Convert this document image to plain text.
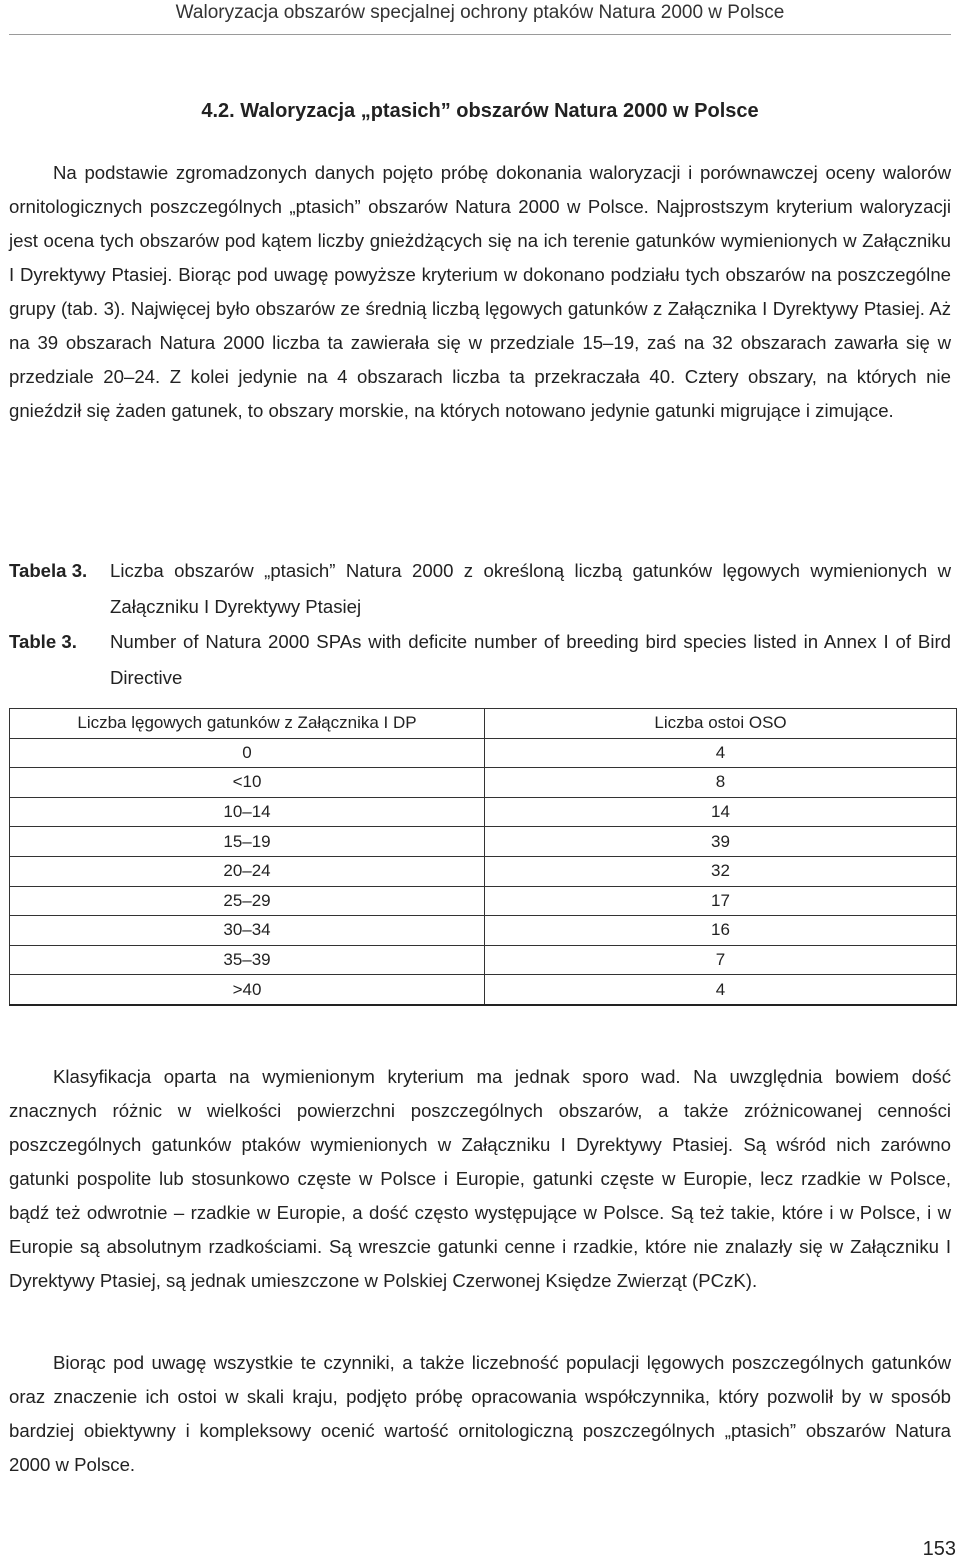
Waloryzacja obszarów specjalnej ochrony ptaków Natura 2000 w Polsce
4.2. Waloryzacja „ptasich” obszarów Natura 2000 w Polsce

Na podstawie zgromadzonych danych pojęto próbę dokonania waloryzacji i porównawczej oceny walorów ornitologicznych poszczególnych „ptasich” obszarów Natura 2000 w Polsce. Najprostszym kryterium waloryzacji jest ocena tych obszarów pod kątem liczby gnieżdżących się na ich terenie gatunków wymienionych w Załączniku I Dyrektywy Ptasiej. Biorąc pod uwagę powyższe kryterium w dokonano podziału tych obszarów na poszczególne grupy (tab. 3). Najwięcej było obszarów ze średnią liczbą lęgowych gatunków z Załącznika I Dyrektywy Ptasiej. Aż na 39 obszarach Natura 2000 liczba ta zawierała się w przedziale 15–19, zaś na 32 obszarach zawarła się w przedziale 20–24. Z kolei jedynie na 4 obszarach liczba ta przekraczała 40. Cztery obszary, na których nie gnieździł się żaden gatunek, to obszary morskie, na których notowano jedynie gatunki migrujące i zimujące.

Tabela 3.	Liczba obszarów „ptasich” Natura 2000 z określoną liczbą gatunków lęgowych wymienionych w Załączniku I Dyrektywy Ptasiej

Table 3.	Number of Natura 2000 SPAs with deficite number of breeding bird species listed in Annex I of Bird Directive

Liczba lęgowych gatunków z Załącznika I DP	Liczba ostoi OSO
0	4
<10	8
10–14	14
15–19	39
20–24	32
25–29	17
30–34	16
35–39	7
>40	4

Klasyfikacja oparta na wymienionym kryterium ma jednak sporo wad. Na uwzględnia bowiem dość znacznych różnic w wielkości powierzchni poszczególnych obszarów, a także zróżnicowanej cenności poszczególnych gatunków ptaków wymienionych w Załączniku I Dyrektywy Ptasiej. Są wśród nich zarówno gatunki pospolite lub stosunkowo częste w Polsce i Europie, gatunki częste w Europie, lecz rzadkie w Polsce, bądź też odwrotnie – rzadkie w Europie, a dość często występujące w Polsce. Są też takie, które i w Polsce, i w Europie są absolutnym rzadkościami. Są wreszcie gatunki cenne i rzadkie, które nie znalazły się w Załączniku I Dyrektywy Ptasiej, są jednak umieszczone w Polskiej Czerwonej Księdze Zwierząt (PCzK).

Biorąc pod uwagę wszystkie te czynniki, a także liczebność populacji lęgowych poszczególnych gatunków oraz znaczenie ich ostoi w skali kraju, podjęto próbę opracowania współczynnika, który pozwolił by w sposób bardziej obiektywny i kompleksowy ocenić wartość ornitologiczną poszczególnych „ptasich” obszarów Natura 2000 w Polsce.

153
